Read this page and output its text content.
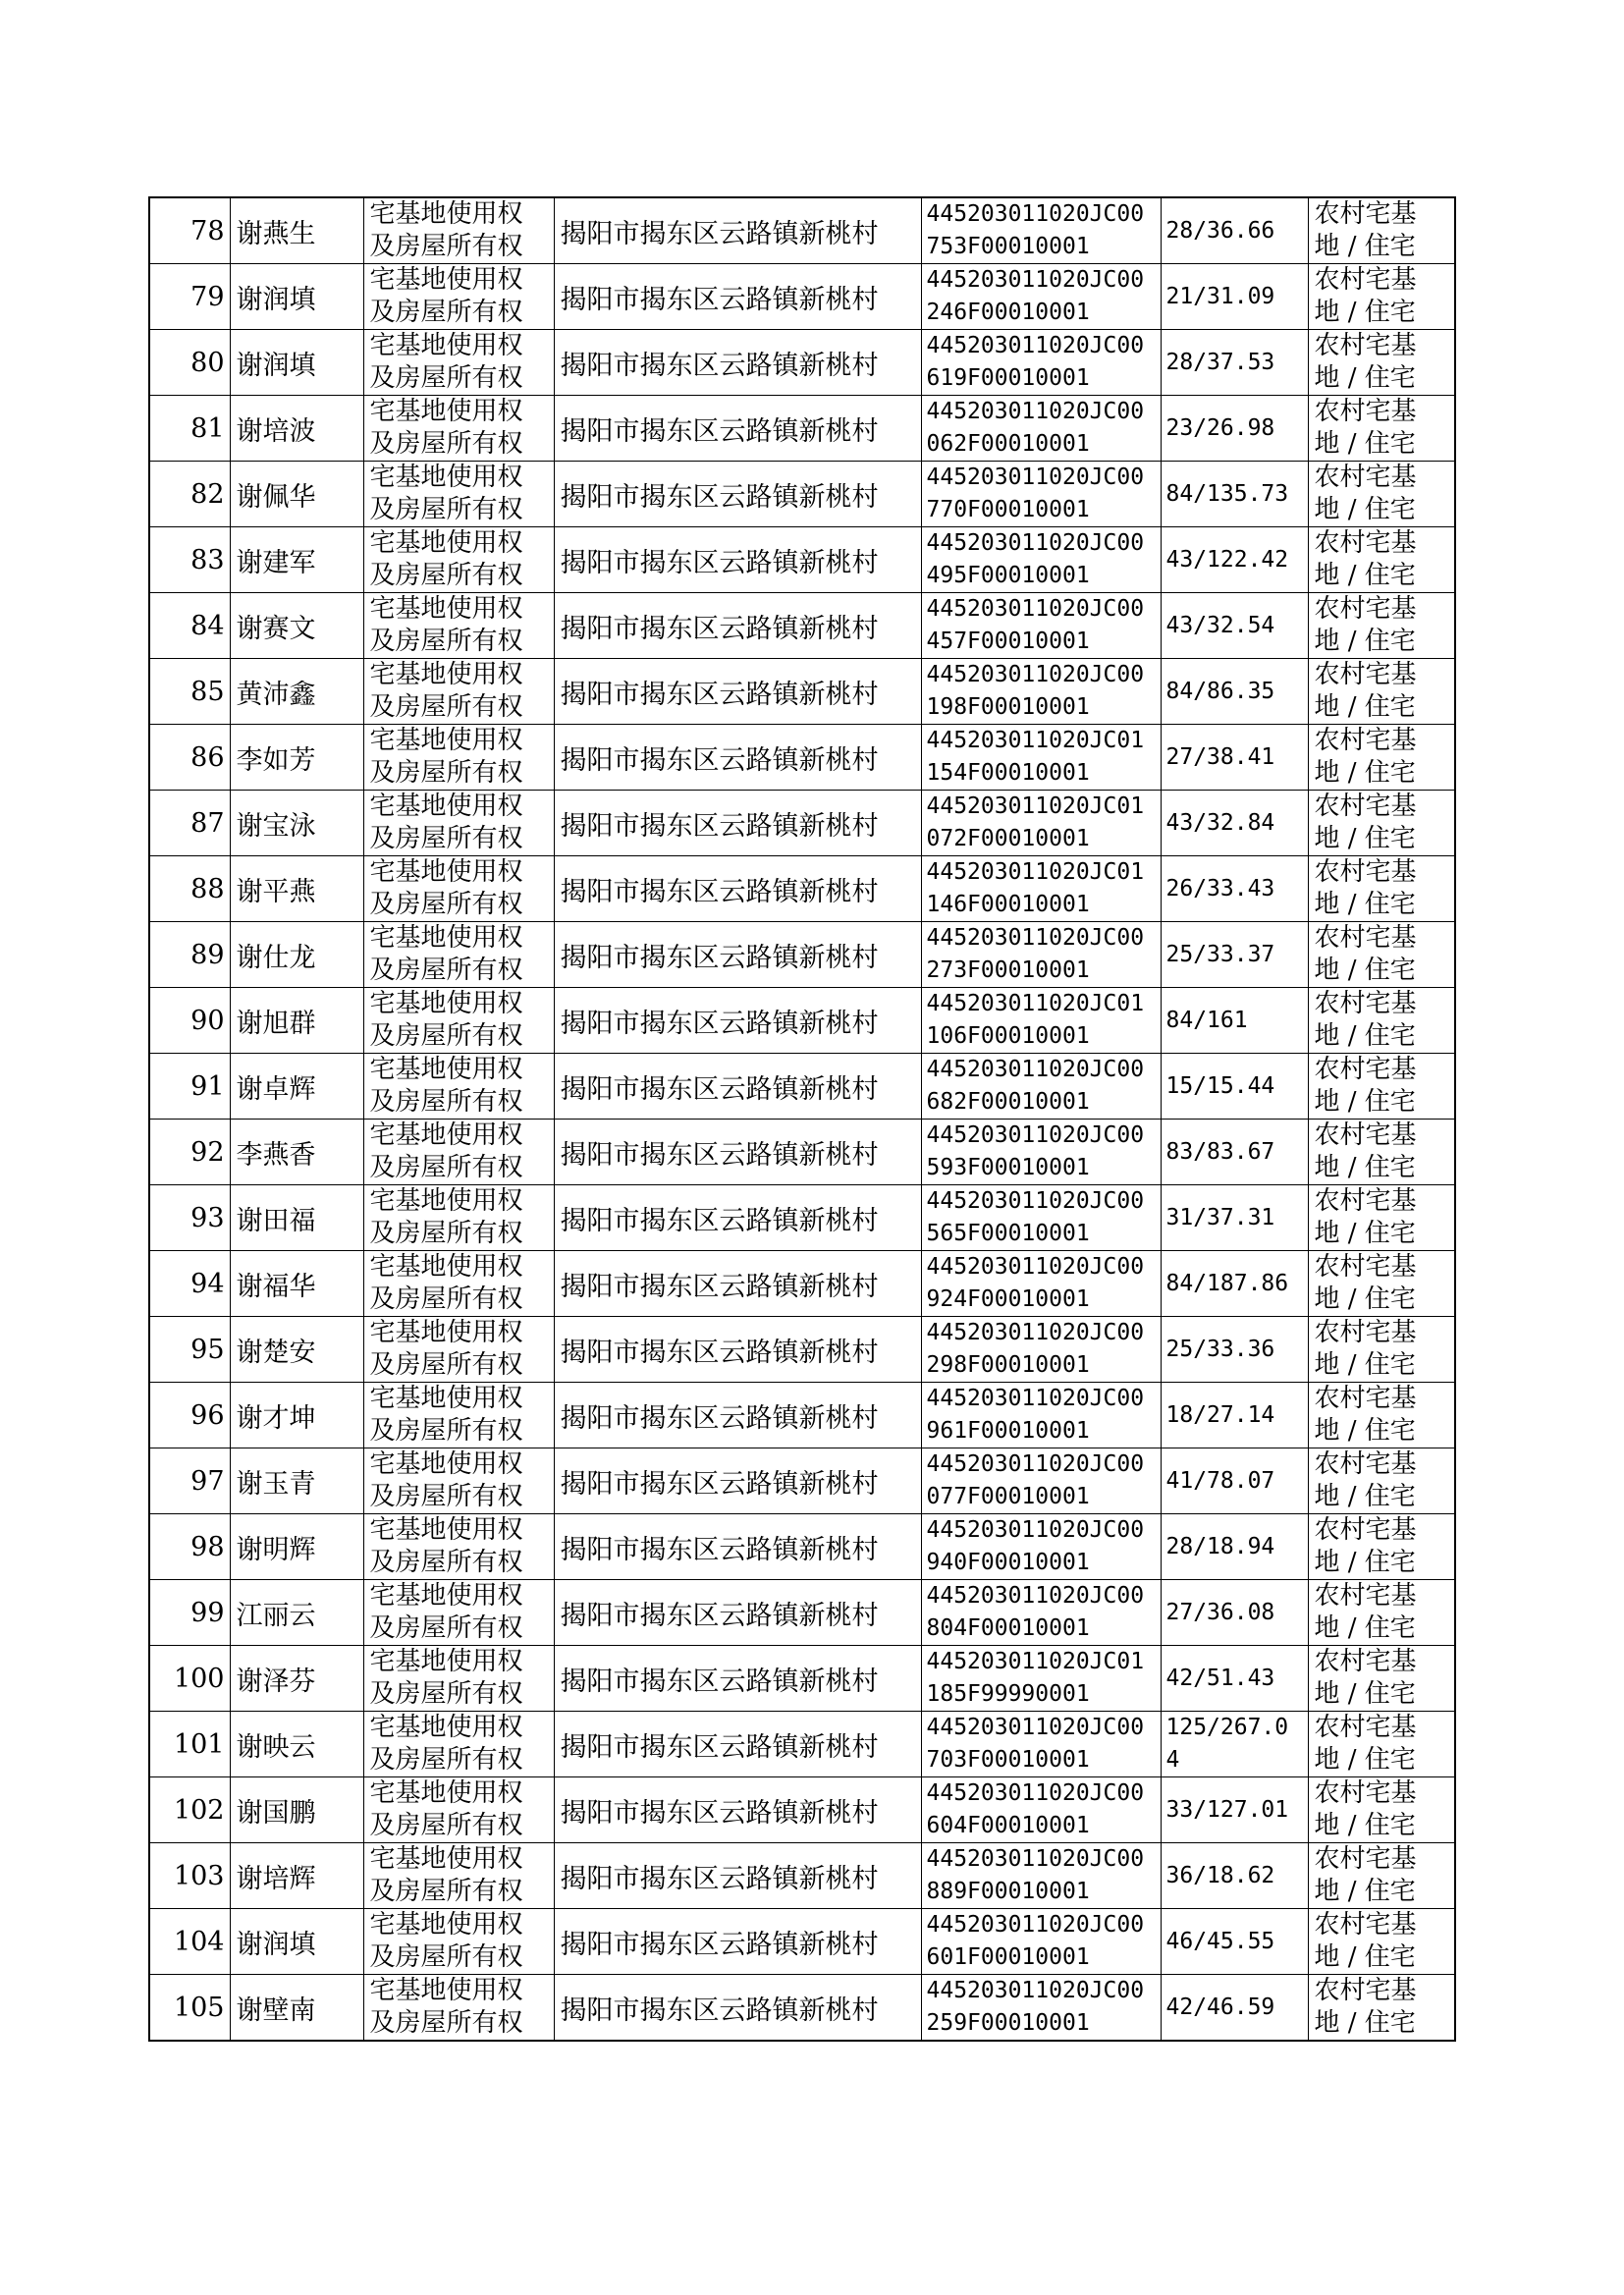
78	谢燕生	宅基地使用权
及房屋所有权	揭阳市揭东区云路镇新桃村	445203011020JC00
753F00010001	28/36.66	农村宅基
地 / 住宅

79	谢润填	宅基地使用权
及房屋所有权	揭阳市揭东区云路镇新桃村	445203011020JC00
246F00010001	21/31.09	农村宅基
地 / 住宅

80	谢润填	宅基地使用权
及房屋所有权	揭阳市揭东区云路镇新桃村	445203011020JC00
619F00010001	28/37.53	农村宅基
地 / 住宅

81	谢培波	宅基地使用权
及房屋所有权	揭阳市揭东区云路镇新桃村	445203011020JC00
062F00010001	23/26.98	农村宅基
地 / 住宅

82	谢佩华	宅基地使用权
及房屋所有权	揭阳市揭东区云路镇新桃村	445203011020JC00
770F00010001	84/135.73	农村宅基
地 / 住宅

83	谢建军	宅基地使用权
及房屋所有权	揭阳市揭东区云路镇新桃村	445203011020JC00
495F00010001	43/122.42	农村宅基
地 / 住宅

84	谢赛文	宅基地使用权
及房屋所有权	揭阳市揭东区云路镇新桃村	445203011020JC00
457F00010001	43/32.54	农村宅基
地 / 住宅

85	黄沛鑫	宅基地使用权
及房屋所有权	揭阳市揭东区云路镇新桃村	445203011020JC00
198F00010001	84/86.35	农村宅基
地 / 住宅

86	李如芳	宅基地使用权
及房屋所有权	揭阳市揭东区云路镇新桃村	445203011020JC01
154F00010001	27/38.41	农村宅基
地 / 住宅

87	谢宝泳	宅基地使用权
及房屋所有权	揭阳市揭东区云路镇新桃村	445203011020JC01
072F00010001	43/32.84	农村宅基
地 / 住宅

88	谢平燕	宅基地使用权
及房屋所有权	揭阳市揭东区云路镇新桃村	445203011020JC01
146F00010001	26/33.43	农村宅基
地 / 住宅

89	谢仕龙	宅基地使用权
及房屋所有权	揭阳市揭东区云路镇新桃村	445203011020JC00
273F00010001	25/33.37	农村宅基
地 / 住宅

90	谢旭群	宅基地使用权
及房屋所有权	揭阳市揭东区云路镇新桃村	445203011020JC01
106F00010001	84/161	农村宅基
地 / 住宅

91	谢卓辉	宅基地使用权
及房屋所有权	揭阳市揭东区云路镇新桃村	445203011020JC00
682F00010001	15/15.44	农村宅基
地 / 住宅

92	李燕香	宅基地使用权
及房屋所有权	揭阳市揭东区云路镇新桃村	445203011020JC00
593F00010001	83/83.67	农村宅基
地 / 住宅

93	谢田福	宅基地使用权
及房屋所有权	揭阳市揭东区云路镇新桃村	445203011020JC00
565F00010001	31/37.31	农村宅基
地 / 住宅

94	谢福华	宅基地使用权
及房屋所有权	揭阳市揭东区云路镇新桃村	445203011020JC00
924F00010001	84/187.86	农村宅基
地 / 住宅

95	谢楚安	宅基地使用权
及房屋所有权	揭阳市揭东区云路镇新桃村	445203011020JC00
298F00010001	25/33.36	农村宅基
地 / 住宅

96	谢才坤	宅基地使用权
及房屋所有权	揭阳市揭东区云路镇新桃村	445203011020JC00
961F00010001	18/27.14	农村宅基
地 / 住宅

97	谢玉青	宅基地使用权
及房屋所有权	揭阳市揭东区云路镇新桃村	445203011020JC00
077F00010001	41/78.07	农村宅基
地 / 住宅

98	谢明辉	宅基地使用权
及房屋所有权	揭阳市揭东区云路镇新桃村	445203011020JC00
940F00010001	28/18.94	农村宅基
地 / 住宅

99	江丽云	宅基地使用权
及房屋所有权	揭阳市揭东区云路镇新桃村	445203011020JC00
804F00010001	27/36.08	农村宅基
地 / 住宅

100	谢泽芬	宅基地使用权
及房屋所有权	揭阳市揭东区云路镇新桃村	445203011020JC01
185F99990001	42/51.43	农村宅基
地 / 住宅

101	谢映云	宅基地使用权
及房屋所有权	揭阳市揭东区云路镇新桃村	445203011020JC00
703F00010001	125/267.0
4	农村宅基
地 / 住宅

102	谢国鹏	宅基地使用权
及房屋所有权	揭阳市揭东区云路镇新桃村	445203011020JC00
604F00010001	33/127.01	农村宅基
地 / 住宅

103	谢培辉	宅基地使用权
及房屋所有权	揭阳市揭东区云路镇新桃村	445203011020JC00
889F00010001	36/18.62	农村宅基
地 / 住宅

104	谢润填	宅基地使用权
及房屋所有权	揭阳市揭东区云路镇新桃村	445203011020JC00
601F00010001	46/45.55	农村宅基
地 / 住宅

105	谢壁南	宅基地使用权
及房屋所有权	揭阳市揭东区云路镇新桃村	445203011020JC00
259F00010001	42/46.59	农村宅基
地 / 住宅
